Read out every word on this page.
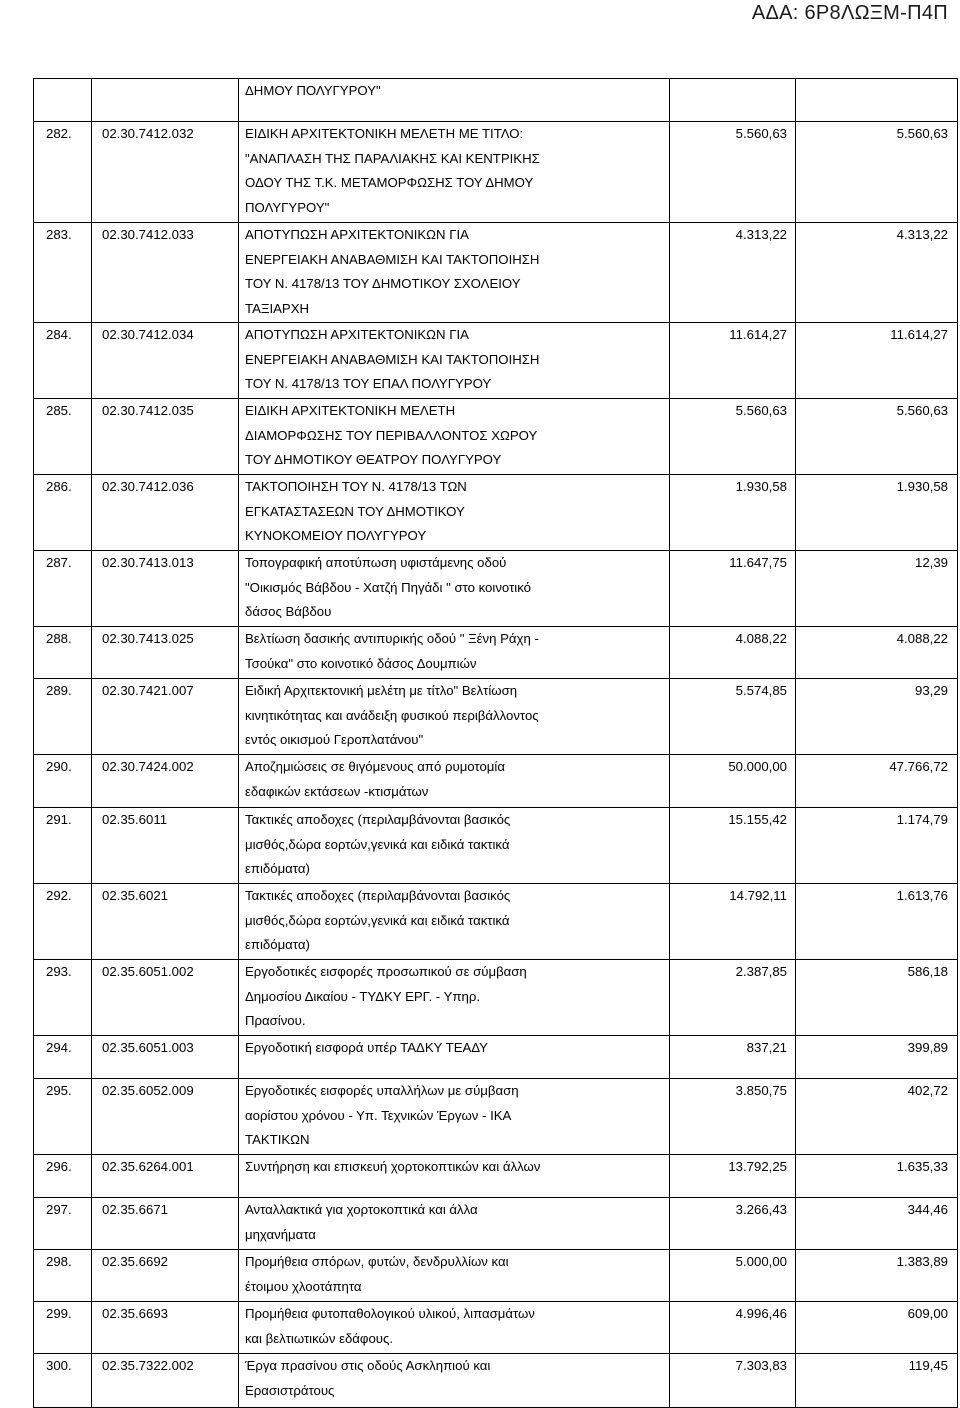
ΑΔΑ: 6Ρ8ΛΩΞΜ-Π4Π
		ΔΗΜΟΥ ΠΟΛΥΓΥΡΟΥ"		
282.	02.30.7412.032	ΕΙΔΙΚΗ ΑΡΧΙΤΕΚΤΟΝΙΚΗ ΜΕΛΕΤΗ ΜΕ ΤΙΤΛΟ:
"ΑΝΑΠΛΑΣΗ ΤΗΣ ΠΑΡΑΛΙΑΚΗΣ ΚΑΙ ΚΕΝΤΡΙΚΗΣ
ΟΔΟΥ ΤΗΣ Τ.Κ. ΜΕΤΑΜΟΡΦΩΣΗΣ ΤΟΥ ΔΗΜΟΥ
ΠΟΛΥΓΥΡΟΥ"	5.560,63	5.560,63
283.	02.30.7412.033	ΑΠΟΤΥΠΩΣΗ ΑΡΧΙΤΕΚΤΟΝΙΚΩΝ ΓΙΑ
ΕΝΕΡΓΕΙΑΚΗ ΑΝΑΒΑΘΜΙΣΗ ΚΑΙ ΤΑΚΤΟΠΟΙΗΣΗ
ΤΟΥ Ν. 4178/13 ΤΟΥ ΔΗΜΟΤΙΚΟΥ ΣΧΟΛΕΙΟΥ
ΤΑΞΙΑΡΧΗ	4.313,22	4.313,22
284.	02.30.7412.034	ΑΠΟΤΥΠΩΣΗ ΑΡΧΙΤΕΚΤΟΝΙΚΩΝ ΓΙΑ
ΕΝΕΡΓΕΙΑΚΗ ΑΝΑΒΑΘΜΙΣΗ ΚΑΙ ΤΑΚΤΟΠΟΙΗΣΗ
ΤΟΥ Ν. 4178/13 ΤΟΥ ΕΠΑΛ ΠΟΛΥΓΥΡΟΥ	11.614,27	11.614,27
285.	02.30.7412.035	ΕΙΔΙΚΗ ΑΡΧΙΤΕΚΤΟΝΙΚΗ ΜΕΛΕΤΗ
ΔΙΑΜΟΡΦΩΣΗΣ ΤΟΥ ΠΕΡΙΒΑΛΛΟΝΤΟΣ ΧΩΡΟΥ
ΤΟΥ ΔΗΜΟΤΙΚΟΥ ΘΕΑΤΡΟΥ ΠΟΛΥΓΥΡΟΥ	5.560,63	5.560,63
286.	02.30.7412.036	ΤΑΚΤΟΠΟΙΗΣΗ ΤΟΥ Ν. 4178/13 ΤΩΝ
ΕΓΚΑΤΑΣΤΑΣΕΩΝ ΤΟΥ ΔΗΜΟΤΙΚΟΥ
ΚΥΝΟΚΟΜΕΙΟΥ ΠΟΛΥΓΥΡΟΥ	1.930,58	1.930,58
287.	02.30.7413.013	Τοπογραφική αποτύπωση υφιστάμενης οδού
"Οικισμός Βάβδου - Χατζή Πηγάδι " στο κοινοτικό
δάσος Βάβδου	11.647,75	12,39
288.	02.30.7413.025	Βελτίωση δασικής αντιπυρικής οδού " Ξένη Ράχη -
Τσούκα" στο κοινοτικό δάσος Δουμπιών	4.088,22	4.088,22
289.	02.30.7421.007	Ειδική Αρχιτεκτονική μελέτη με τίτλο" Βελτίωση
κινητικότητας και ανάδειξη φυσικού περιβάλλοντος
εντός οικισμού Γεροπλατάνου"	5.574,85	93,29
290.	02.30.7424.002	Αποζημιώσεις σε θιγόμενους από ρυμοτομία
εδαφικών εκτάσεων -κτισμάτων	50.000,00	47.766,72
291.	02.35.6011	Τακτικές αποδοχες (περιλαμβάνονται βασικός
μισθός,δώρα εορτών,γενικά και ειδικά τακτικά
επιδόματα)	15.155,42	1.174,79
292.	02.35.6021	Τακτικές αποδοχες (περιλαμβάνονται βασικός
μισθός,δώρα εορτών,γενικά και ειδικά τακτικά
επιδόματα)	14.792,11	1.613,76
293.	02.35.6051.002	Εργοδοτικές εισφορές προσωπικού σε σύμβαση
Δημοσίου Δικαίου - ΤΥΔΚΥ ΕΡΓ. - Υπηρ.
Πρασίνου.	2.387,85	586,18
294.	02.35.6051.003	Εργοδοτική εισφορά υπέρ ΤΑΔΚΥ ΤΕΑΔΥ	837,21	399,89
295.	02.35.6052.009	Εργοδοτικές εισφορές υπαλλήλων με σύμβαση
αορίστου χρόνου - Υπ. Τεχνικών Έργων - ΙΚΑ
ΤΑΚΤΙΚΩΝ	3.850,75	402,72
296.	02.35.6264.001	Συντήρηση και επισκευή χορτοκοπτικών και άλλων	13.792,25	1.635,33
297.	02.35.6671	Ανταλλακτικά για χορτοκοπτικά και άλλα
μηχανήματα	3.266,43	344,46
298.	02.35.6692	Προμήθεια σπόρων, φυτών, δενδρυλλίων και
έτοιμου χλοοτάπητα	5.000,00	1.383,89
299.	02.35.6693	Προμήθεια φυτοπαθολογικού υλικού, λιπασμάτων
και βελτιωτικών εδάφους.	4.996,46	609,00
300.	02.35.7322.002	Έργα πρασίνου στις οδούς Ασκληπιού και
Ερασιστράτους	7.303,83	119,45
